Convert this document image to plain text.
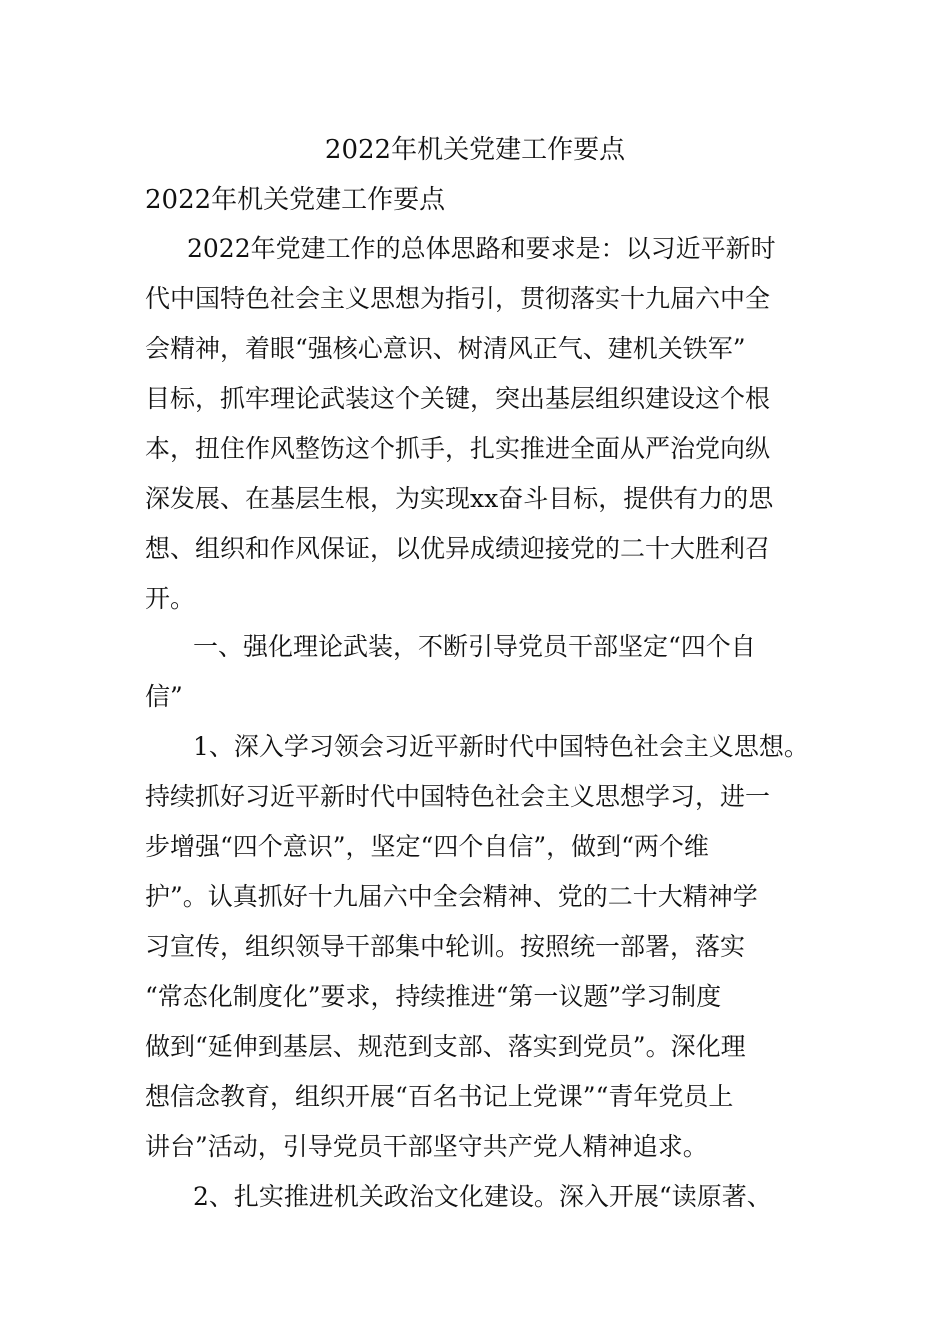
2022年机关党建工作要点
2022年机关党建工作要点
2022年党建工作的总体思路和要求是：以习近平新时
代中国特色社会主义思想为指引，贯彻落实十九届六中全
会精神，着眼“强核心意识、树清风正气、建机关铁军”
目标，抓牢理论武装这个关键，突出基层组织建设这个根
本，扭住作风整饬这个抓手，扎实推进全面从严治党向纵
深发展、在基层生根，为实现xx奋斗目标，提供有力的思
想、组织和作风保证，以优异成绩迎接党的二十大胜利召
开。
一、强化理论武装，不断引导党员干部坚定“四个自
信”
1、深入学习领会习近平新时代中国特色社会主义思想。
持续抓好习近平新时代中国特色社会主义思想学习，进一
步增强“四个意识”，坚定“四个自信”，做到“两个维
护”。认真抓好十九届六中全会精神、党的二十大精神学
习宣传，组织领导干部集中轮训。按照统一部署，落实
“常态化制度化”要求，持续推进“第一议题”学习制度
做到“延伸到基层、规范到支部、落实到党员”。深化理
想信念教育，组织开展“百名书记上党课”“青年党员上
讲台”活动，引导党员干部坚守共产党人精神追求。
2、扎实推进机关政治文化建设。深入开展“读原著、
